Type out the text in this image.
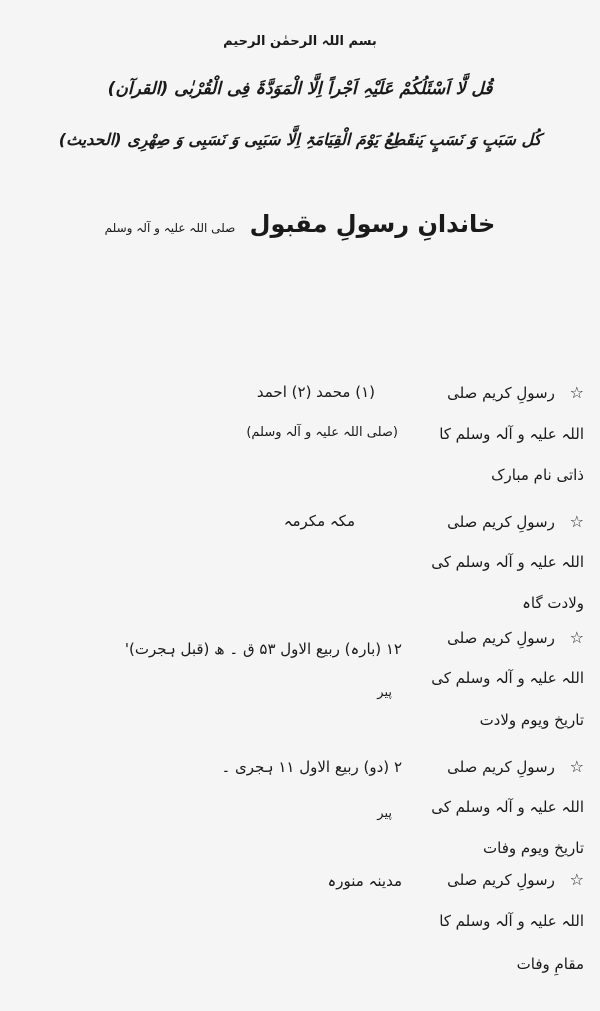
بسم اللہ الرحمٰن الرحیم
قُل لَّا اَسْئَلُکُمْ عَلَیْہِ اَجْراً اِلَّا الْمَوَدَّۃَ فِی الْقُرْبٰی (القرآن)
کُل سَبَبٍ وَ نَسَبٍ یَنقَطِعُ یَوْمَ الْقِیَامَۃِ اِلَّا سَبَبِی وَ نَسَبِی وَ صِھْرِی (الحدیث)
خاندانِ رسولِ مقبول صلی اللہ علیہ و آلہ وسلم
☆ رسولِ کریم صلی
اللہ علیہ و آلہ وسلم کا
ذاتی نام مبارک
(۱) محمد (۲) احمد
(صلی اللہ علیہ و آلہ وسلم)
☆ رسولِ کریم صلی
اللہ علیہ و آلہ وسلم کی
ولادت گاہ
مکہ مکرمہ
☆ رسولِ کریم صلی
اللہ علیہ و آلہ وسلم کی
تاریخ ویوم ولادت
۱۲ (بارہ) ربیع الاول ۵۳ ق ۔ ھ (قبل ہجرت)'
پیر
☆ رسولِ کریم صلی
اللہ علیہ و آلہ وسلم کی
تاریخ ویوم وفات
۲ (دو) ربیع الاول ۱۱ ہجری ۔
پیر
☆ رسولِ کریم صلی
اللہ علیہ و آلہ وسلم کا
مقامِ وفات
مدینہ منورہ
